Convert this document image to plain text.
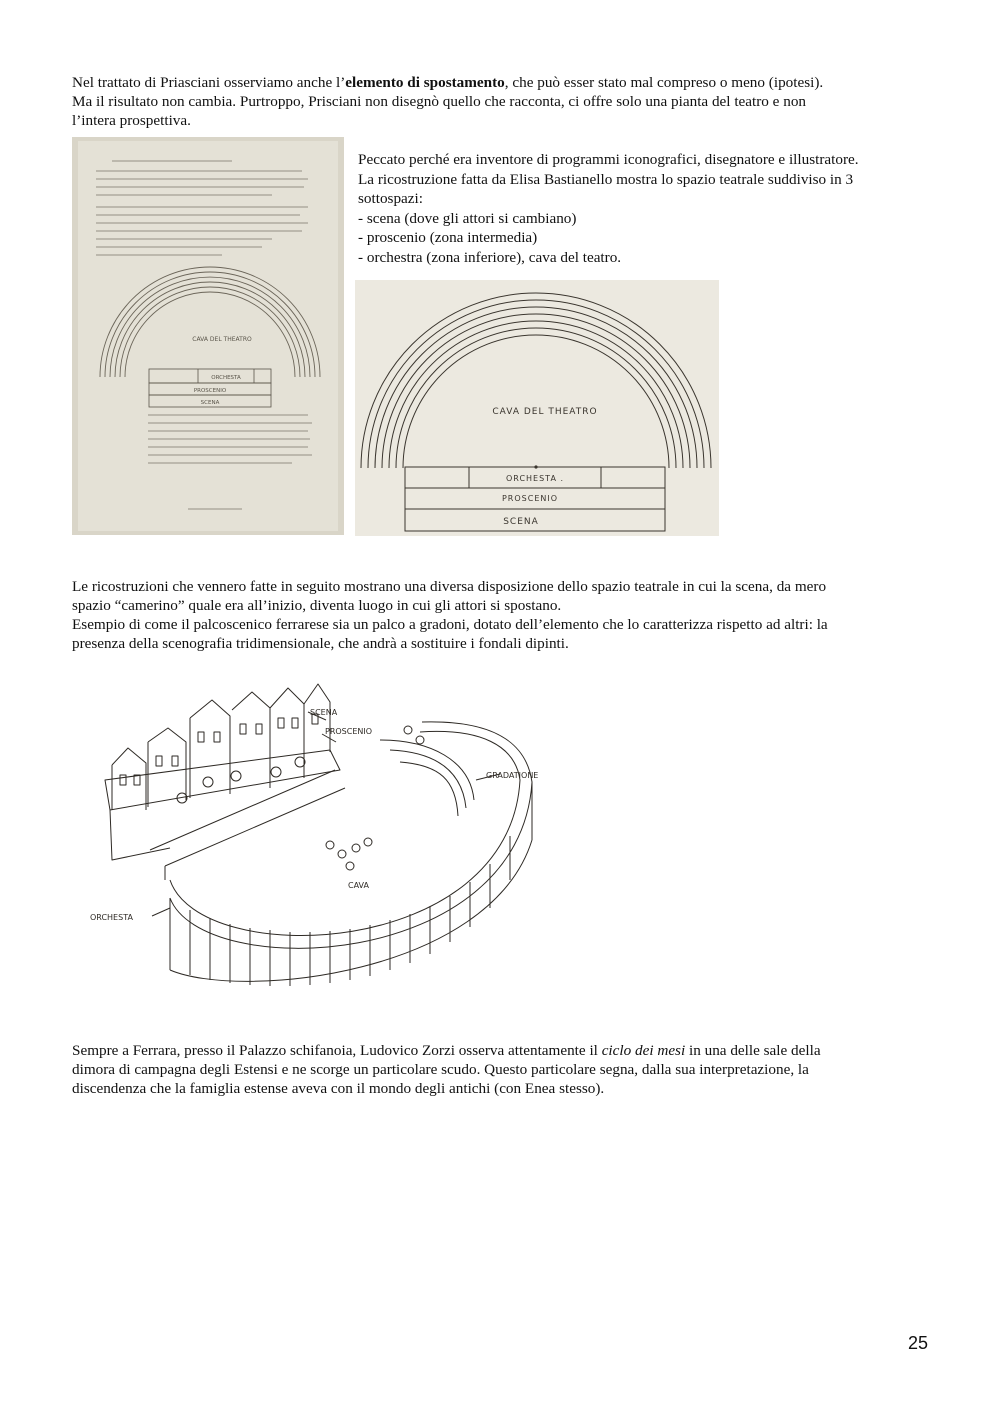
Nel trattato di Priasciani osserviamo anche l’elemento di spostamento, che può esser stato mal compreso o meno (ipotesi).
Ma il risultato non cambia. Purtroppo, Prisciani non disegnò quello che racconta, ci offre solo una pianta del teatro e non
l’intera prospettiva.
CAVA DEL THEATRO
ORCHESTA
PROSCENIO
SCENA
Peccato perché era inventore di programmi iconografici, disegnatore e illustratore.
La ricostruzione fatta da Elisa Bastianello mostra lo spazio teatrale suddiviso in 3
sottospazi:
- scena (dove gli attori si cambiano)
- proscenio (zona intermedia)
- orchestra (zona inferiore), cava del teatro.
CAVA DEL THEATRO
ORCHESTA .
PROSCENIO
SCENA
Le ricostruzioni che vennero fatte in seguito mostrano una diversa disposizione dello spazio teatrale in cui la scena, da mero
spazio “camerino” quale era all’inizio, diventa luogo in cui gli attori si spostano.
Esempio di come il palcoscenico ferrarese sia un palco a gradoni, dotato dell’elemento che lo caratterizza rispetto ad altri: la
presenza della scenografia tridimensionale, che andrà a sostituire i fondali dipinti.
SCENA
PROSCENIO
GRADATIONE
CAVA
ORCHESTA
Sempre a Ferrara, presso il Palazzo schifanoia, Ludovico Zorzi osserva attentamente il ciclo dei mesi in una delle sale della
dimora di campagna degli Estensi e ne scorge un particolare scudo. Questo particolare segna, dalla sua interpretazione, la
discendenza che la famiglia estense aveva con il mondo degli antichi (con Enea stesso).
25
